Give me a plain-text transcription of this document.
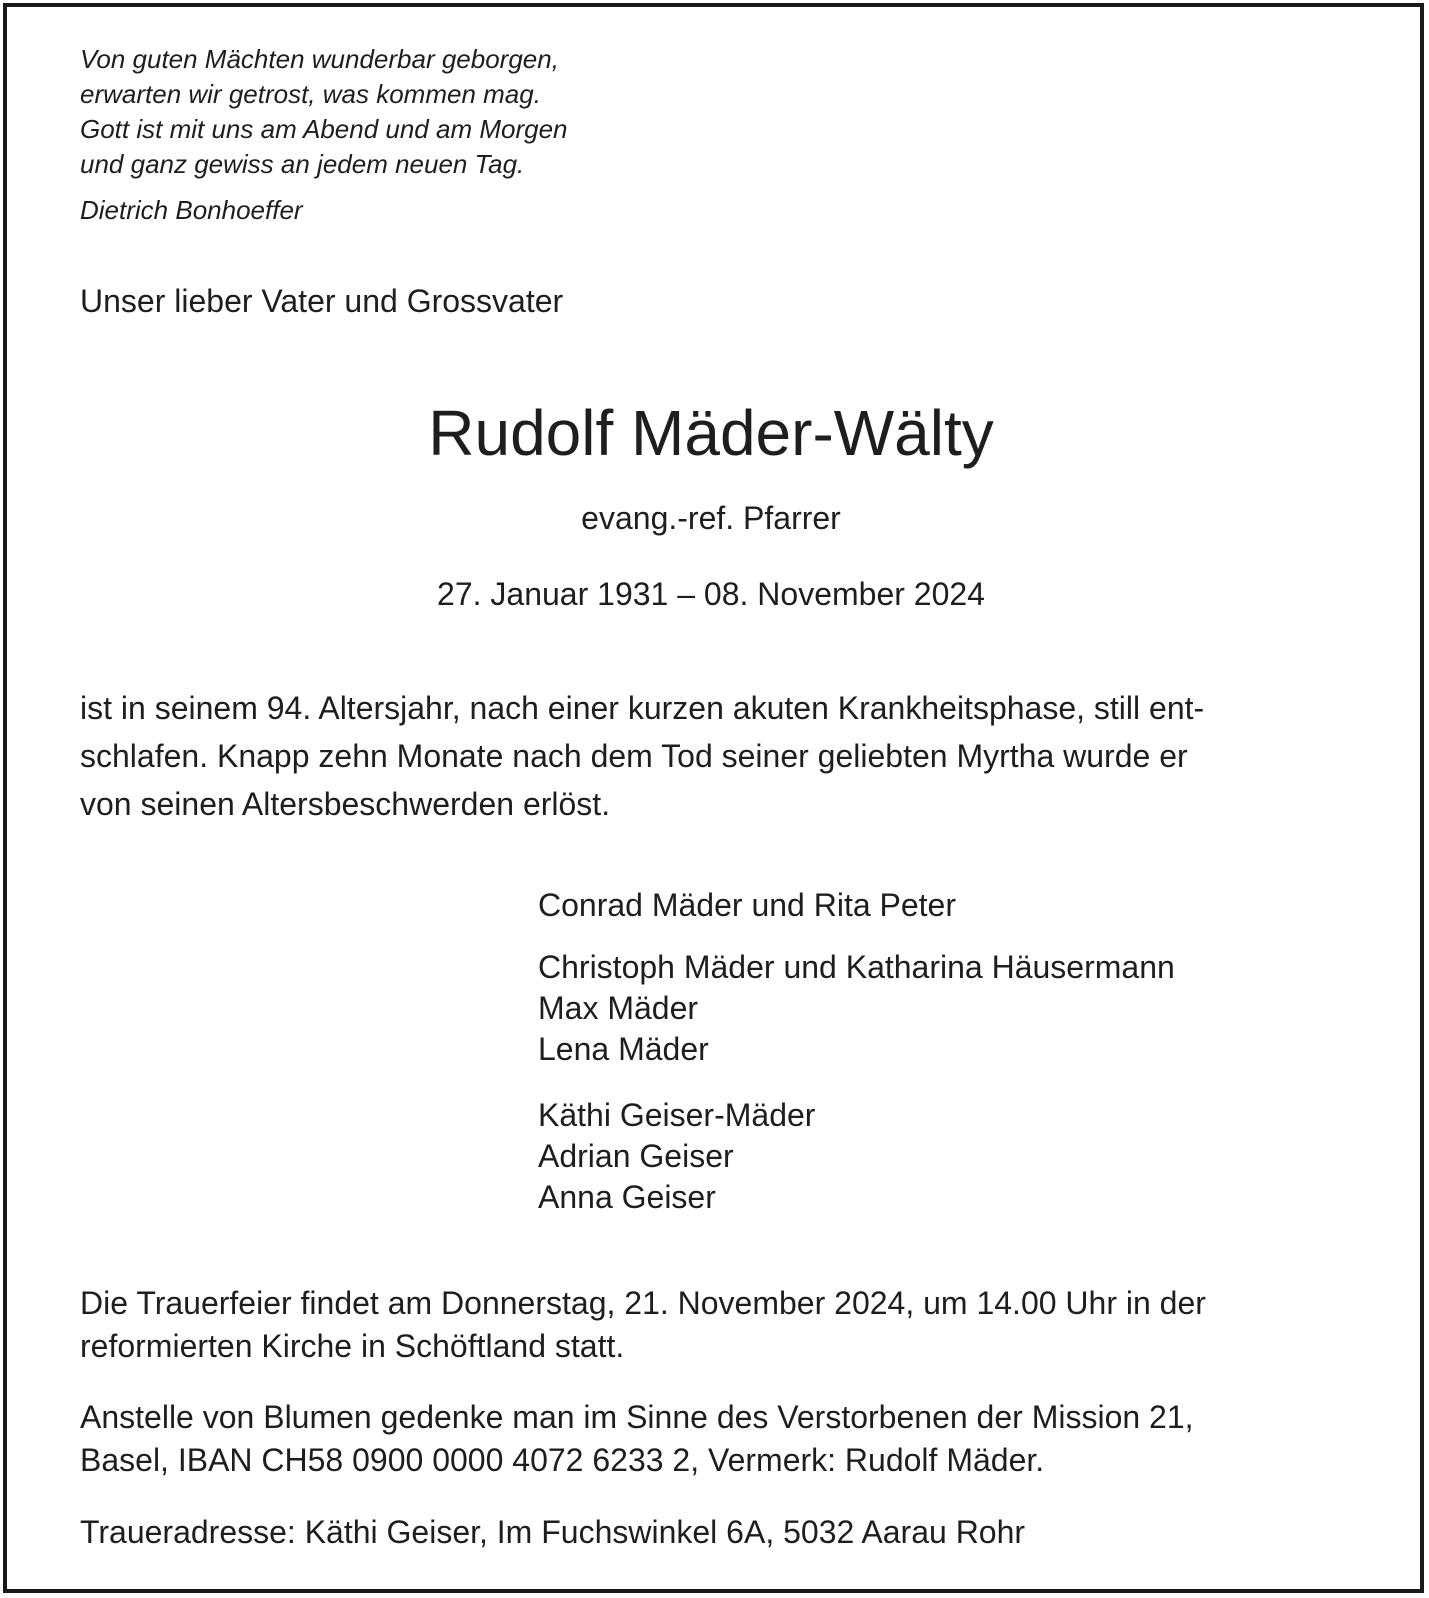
Von guten Mächten wunderbar geborgen,
erwarten wir getrost, was kommen mag.
Gott ist mit uns am Abend und am Morgen
und ganz gewiss an jedem neuen Tag.
Dietrich Bonhoeffer
Unser lieber Vater und Grossvater
Rudolf Mäder-Wälty
evang.-ref. Pfarrer
27. Januar 1931 – 08. November 2024
ist in seinem 94. Altersjahr, nach einer kurzen akuten Krankheitsphase, still ent-
schlafen. Knapp zehn Monate nach dem Tod seiner geliebten Myrtha wurde er
von seinen Altersbeschwerden erlöst.
Conrad Mäder und Rita Peter
Christoph Mäder und Katharina Häusermann
Max Mäder
Lena Mäder
Käthi Geiser-Mäder
Adrian Geiser
Anna Geiser
Die Trauerfeier findet am Donnerstag, 21. November 2024, um 14.00 Uhr in der
reformierten Kirche in Schöftland statt.
Anstelle von Blumen gedenke man im Sinne des Verstorbenen der Mission 21,
Basel, IBAN CH58 0900 0000 4072 6233 2, Vermerk: Rudolf Mäder.
Traueradresse: Käthi Geiser, Im Fuchswinkel 6A, 5032 Aarau Rohr
